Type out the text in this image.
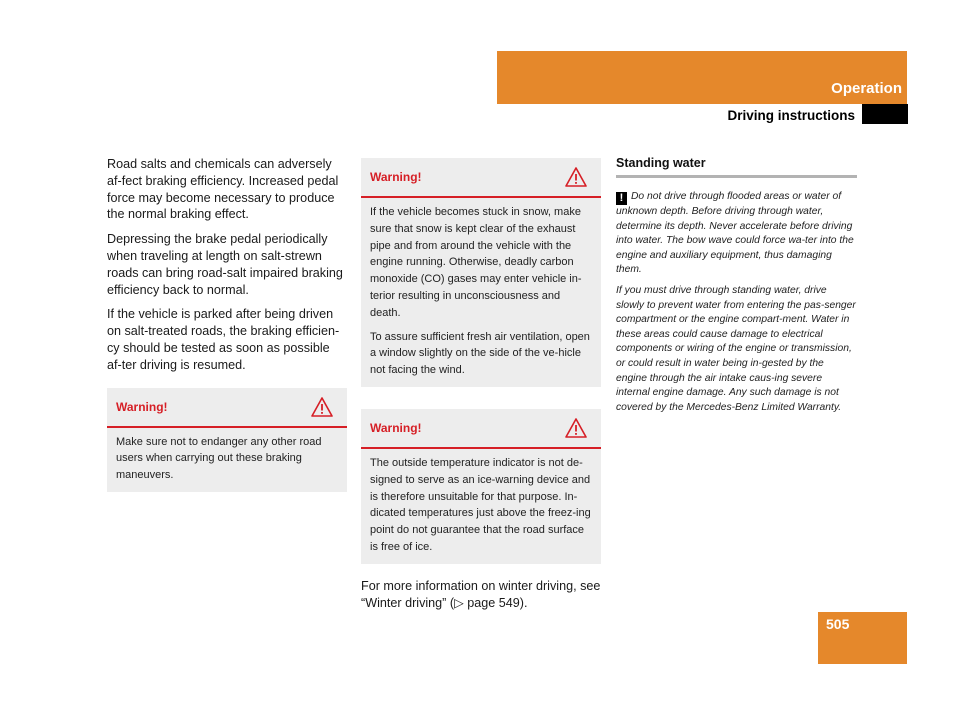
Operation
Driving instructions

Road salts and chemicals can adversely af-fect braking efficiency. Increased pedal force may become necessary to produce the normal braking effect.

Depressing the brake pedal periodically when traveling at length on salt-strewn roads can bring road-salt impaired braking efficiency back to normal.

If the vehicle is parked after being driven on salt-treated roads, the braking efficien-cy should be tested as soon as possible af-ter driving is resumed.

Warning!

Make sure not to endanger any other road users when carrying out these braking maneuvers.

Warning!

If the vehicle becomes stuck in snow, make sure that snow is kept clear of the exhaust pipe and from around the vehicle with the engine running. Otherwise, deadly carbon monoxide (CO) gases may enter vehicle in-terior resulting in unconsciousness and death.

To assure sufficient fresh air ventilation, open a window slightly on the side of the ve-hicle not facing the wind.

Warning!

The outside temperature indicator is not de-signed to serve as an ice-warning device and is therefore unsuitable for that purpose. In-dicated temperatures just above the freez-ing point do not guarantee that the road surface is free of ice.

For more information on winter driving, see “Winter driving” (▷ page 549).
Standing water

! Do not drive through flooded areas or water of unknown depth. Before driving through water, determine its depth. Never accelerate before driving into water. The bow wave could force wa-ter into the engine and auxiliary equipment, thus damaging them.

If you must drive through standing water, drive slowly to prevent water from entering the pas-senger compartment or the engine compart-ment. Water in these areas could cause damage to electrical components or wiring of the engine or transmission, or could result in water being in-gested by the engine through the air intake caus-ing severe internal engine damage. Any such damage is not covered by the Mercedes-Benz Limited Warranty.

505
